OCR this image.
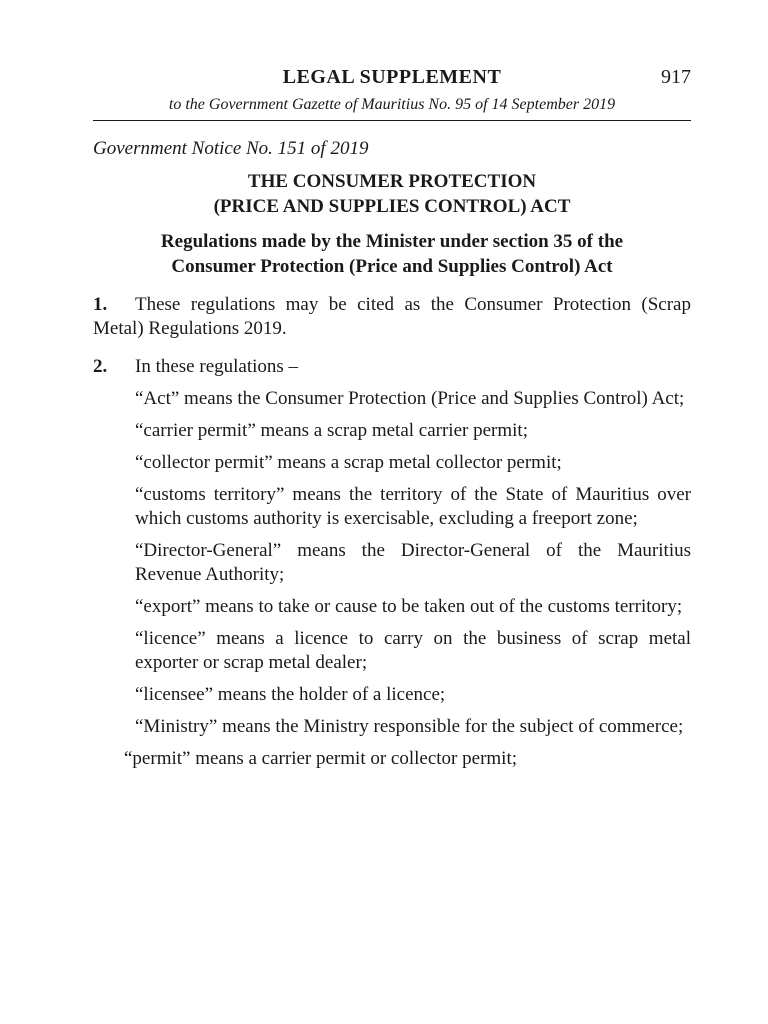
LEGAL SUPPLEMENT	917
to the Government Gazette of Mauritius No. 95 of 14 September 2019
Government Notice No. 151 of 2019
THE CONSUMER PROTECTION
(PRICE AND SUPPLIES CONTROL) ACT
Regulations made by the Minister under section 35 of the
Consumer Protection (Price and Supplies Control) Act
1. These regulations may be cited as the Consumer Protection (Scrap Metal) Regulations 2019.
2. In these regulations –
“Act” means the Consumer Protection (Price and Supplies Control) Act;
“carrier permit” means a scrap metal carrier permit;
“collector permit” means a scrap metal collector permit;
“customs territory” means the territory of the State of Mauritius over which customs authority is exercisable, excluding a freeport zone;
“Director-General” means the Director-General of the Mauritius Revenue Authority;
“export” means to take or cause to be taken out of the customs territory;
“licence” means a licence to carry on the business of scrap metal exporter or scrap metal dealer;
“licensee” means the holder of a licence;
“Ministry” means the Ministry responsible for the subject of commerce;
“permit” means a carrier permit or collector permit;
